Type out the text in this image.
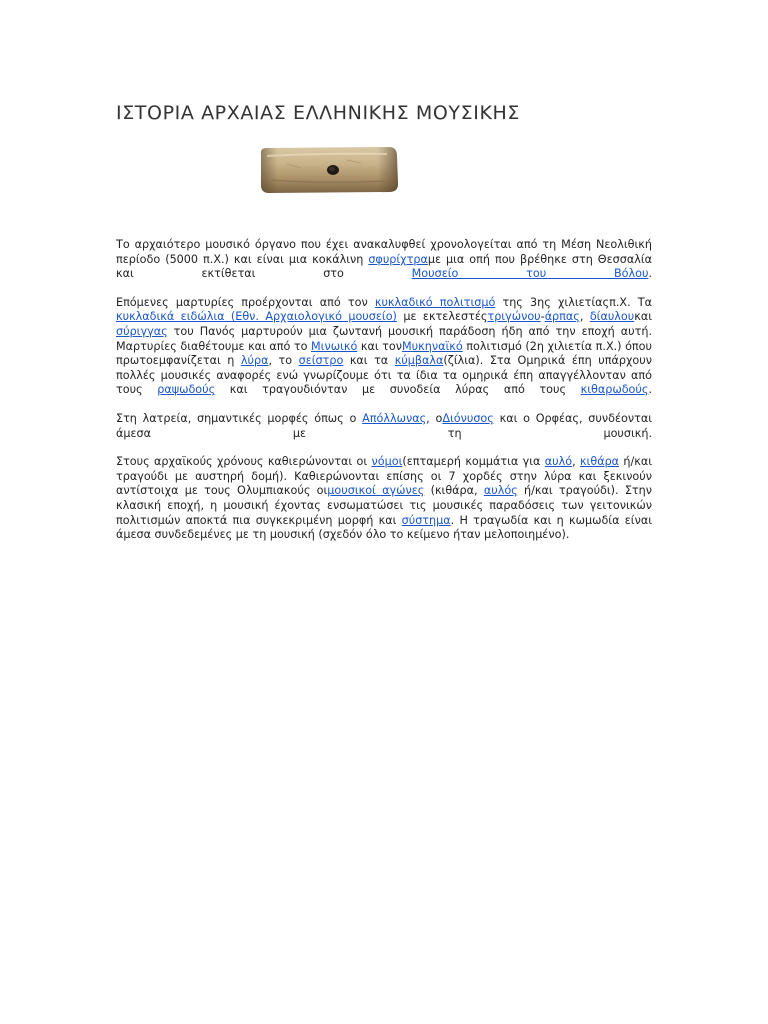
ΙΣΤΟΡΙΑ ΑΡΧΑΙΑΣ ΕΛΛΗΝΙΚΗΣ ΜΟΥΣΙΚΗΣ

Το αρχαιότερο μουσικό όργανο που έχει ανακαλυφθεί χρονολογείται από τη Μέση Νεολιθική περίοδο (5000 π.Χ.) και είναι μια κοκάλινη σφυρίχτραμε μια οπή που βρέθηκε στη Θεσσαλία και εκτίθεται στο Μουσείο του Βόλου.

Επόμενες μαρτυρίες προέρχονται από τον κυκλαδικό πολιτισμό της 3ης χιλιετίαςπ.Χ. Τα κυκλαδικά ειδώλια (Εθν. Αρχαιολογικό μουσείο) με εκτελεστέςτριγώνου-άρπας, δίαυλουκαι σύριγγας του Πανός μαρτυρούν μια ζωντανή μουσική παράδοση ήδη από την εποχή αυτή. Μαρτυρίες διαθέτουμε και από το Μινωικό και τονΜυκηναϊκό πολιτισμό (2η χιλιετία π.Χ.) όπου πρωτοεμφανίζεται η λύρα, το σείστρο και τα κύμβαλα(ζίλια). Στα Ομηρικά έπη υπάρχουν πολλές μουσικές αναφορές ενώ γνωρίζουμε ότι τα ίδια τα ομηρικά έπη απαγγέλλονταν από τους ραψωδούς και τραγουδιόνταν με συνοδεία λύρας από τους κιθαρωδούς.

Στη λατρεία, σημαντικές μορφές όπως ο Απόλλωνας, οΔιόνυσος και ο Ορφέας, συνδέονται άμεσα με τη μουσική.

Στους αρχαϊκούς χρόνους καθιερώνονται οι νόμοι(επταμερή κομμάτια για αυλό, κιθάρα ή/και τραγούδι με αυστηρή δομή). Καθιερώνονται επίσης οι 7 χορδές στην λύρα και ξεκινούν αντίστοιχα με τους Ολυμπιακούς οιμουσικοί αγώνες (κιθάρα, αυλός ή/και τραγούδι). Στην κλασική εποχή, η μουσική έχοντας ενσωματώσει τις μουσικές παραδόσεις των γειτονικών πολιτισμών αποκτά πια συγκεκριμένη μορφή και σύστημα. Η τραγωδία και η κωμωδία είναι άμεσα συνδεδεμένες με τη μουσική (σχεδόν όλο το κείμενο ήταν μελοποιημένο).
